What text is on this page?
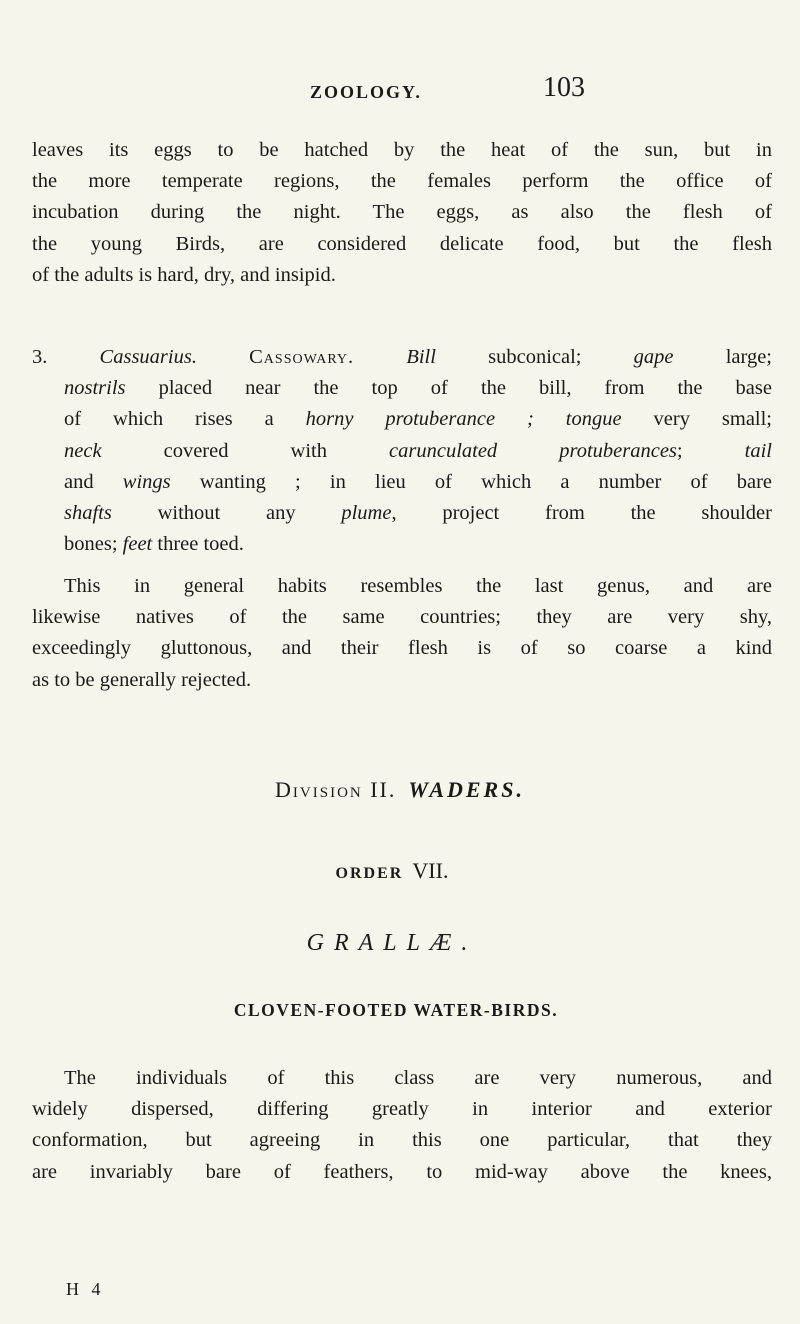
ZOOLOGY.	103

leaves its eggs to be hatched by the heat of the sun, but in

the more temperate regions, the females perform the office of

incubation during the night. The eggs, as also the flesh of

the young Birds, are considered delicate food, but the flesh

of the adults is hard, dry, and insipid.

3.	Cassuarius.	Cassowary.	Bill subconical; gape large;

nostrils placed near the top of the bill, from the base

of which rises a horny protuberance ; tongue very small;

neck covered with carunculated protuberances;	tail

and wings wanting ; in lieu of which a number of bare

shafts without any plume, project from the shoulder

bones; feet three toed.

This in general habits resembles the last genus, and are

likewise natives of the same countries; they are very shy,

exceedingly gluttonous, and their flesh is of so coarse a kind

as to be generally rejected.

Division II. WADERS.
ORDER VII.
GRALLÆ.
CLOVEN-FOOTED WATER-BIRDS.

The individuals of this class are very numerous, and

widely dispersed, differing greatly in interior and exterior

conformation, but agreeing in this one particular, that they

are invariably bare of feathers, to mid-way above the knees,

H 4
